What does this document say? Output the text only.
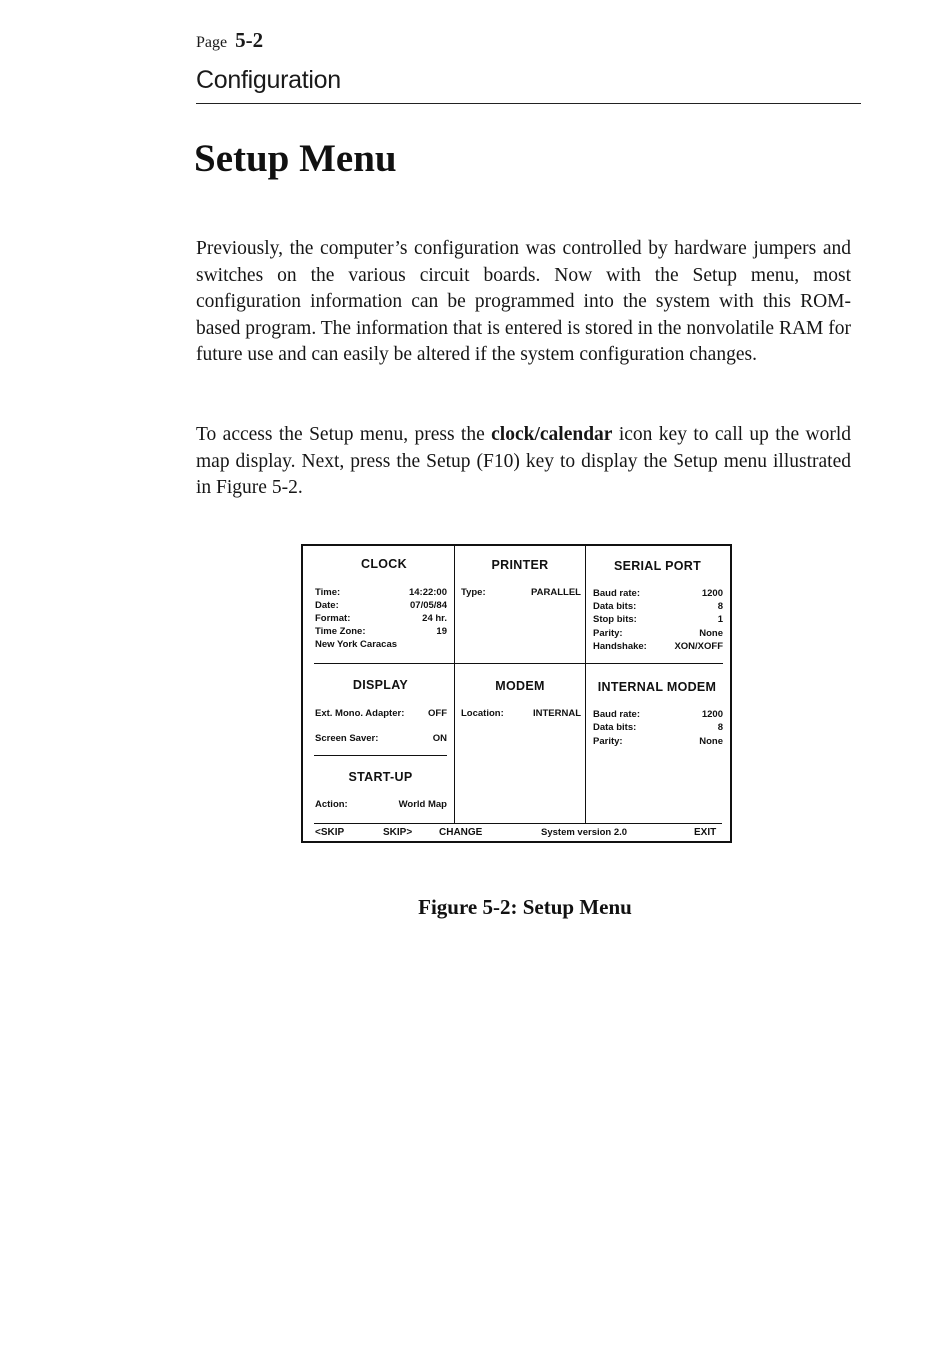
Page 5-2
Configuration
Setup Menu

Previously, the computer’s configuration was controlled by hardware jumpers and switches on the various circuit boards. Now with the Setup menu, most configuration information can be programmed into the system with this ROM-based program. The information that is entered is stored in the nonvolatile RAM for future use and can easily be altered if the system configuration changes.

To access the Setup menu, press the clock/calendar icon key to call up the world map display. Next, press the Setup (F10) key to display the Setup menu illustrated in Figure 5-2.

CLOCK
Time:	14:22:00
Date:	07/05/84
Format:	24 hr.
Time Zone:	19
New York Caracas
PRINTER
Type:	PARALLEL
SERIAL PORT
Baud rate:	1200
Data bits:	8
Stop bits:	1
Parity:	None
Handshake:	XON/XOFF
DISPLAY
Ext. Mono. Adapter: OFF
Screen Saver:	ON
MODEM
Location:	INTERNAL
INTERNAL MODEM
Baud rate:	1200
Data bits:	8
Parity:	None
START-UP
Action:	World Map
<SKIP	SKIP>	CHANGE	System version 2.0	EXIT
Figure 5-2: Setup Menu
